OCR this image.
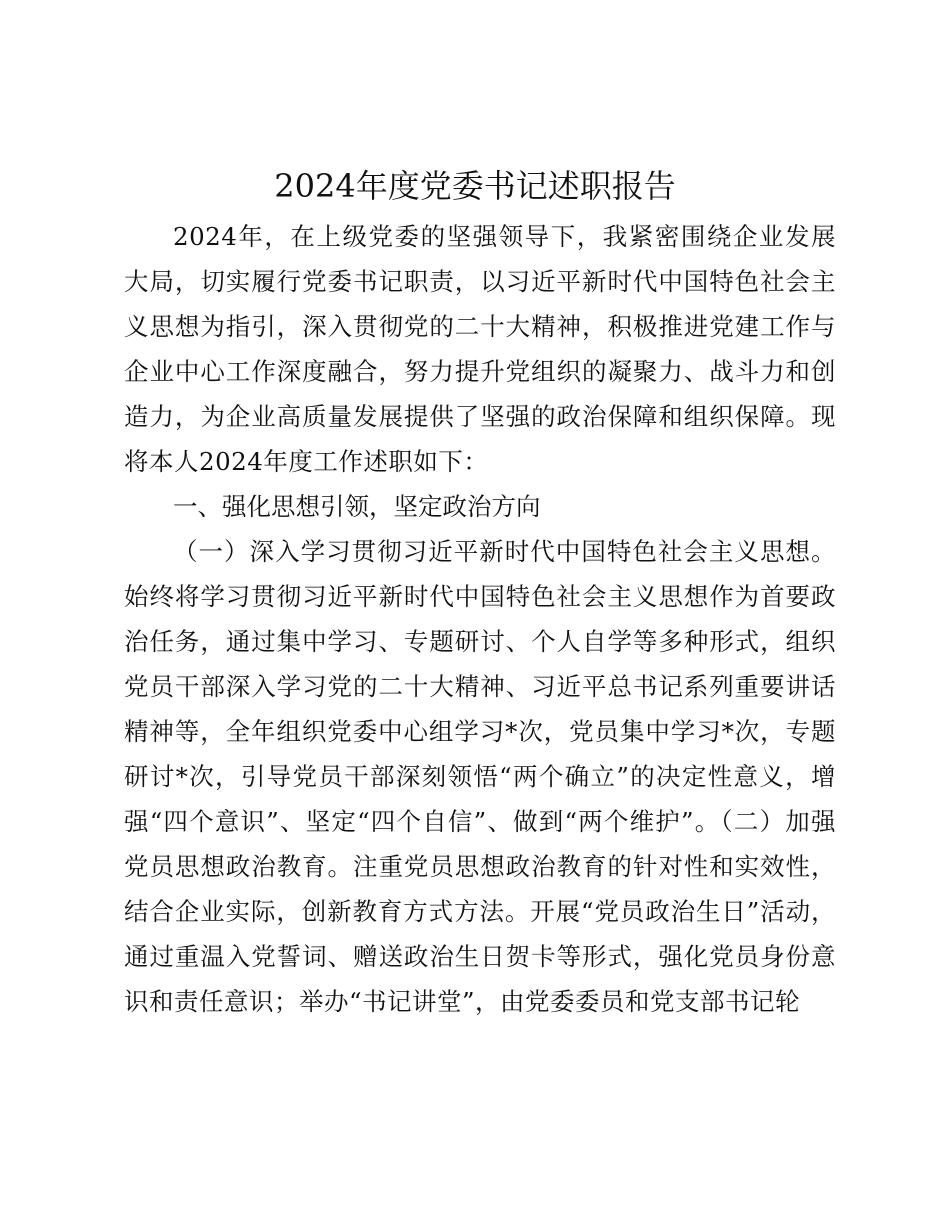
2024年度党委书记述职报告

2024年，在上级党委的坚强领导下，我紧密围绕企业发展大局，切实履行党委书记职责，以习近平新时代中国特色社会主义思想为指引，深入贯彻党的二十大精神，积极推进党建工作与企业中心工作深度融合，努力提升党组织的凝聚力、战斗力和创造力，为企业高质量发展提供了坚强的政治保障和组织保障。现将本人2024年度工作述职如下：

一、强化思想引领，坚定政治方向

（一）深入学习贯彻习近平新时代中国特色社会主义思想。始终将学习贯彻习近平新时代中国特色社会主义思想作为首要政治任务，通过集中学习、专题研讨、个人自学等多种形式，组织党员干部深入学习党的二十大精神、习近平总书记系列重要讲话精神等，全年组织党委中心组学习*次，党员集中学习*次，专题研讨*次，引导党员干部深刻领悟“两个确立”的决定性意义，增强“四个意识”、坚定“四个自信”、做到“两个维护”。（二）加强党员思想政治教育。注重党员思想政治教育的针对性和实效性，结合企业实际，创新教育方式方法。开展“党员政治生日”活动，通过重温入党誓词、赠送政治生日贺卡等形式，强化党员身份意识和责任意识；举办“书记讲堂”，由党委委员和党支部书记轮
